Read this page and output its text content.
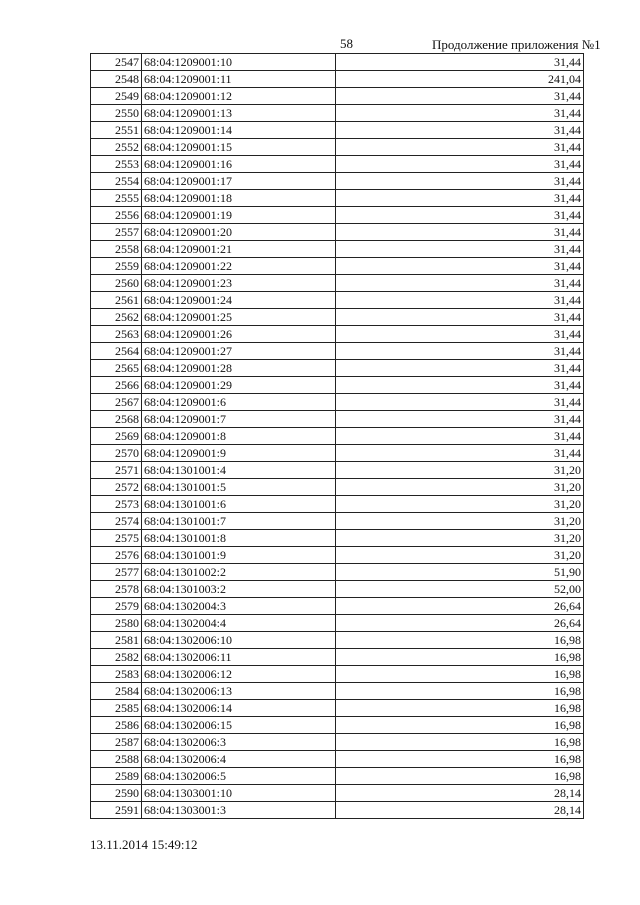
58	Продолжение приложения №1
2547	68:04:1209001:10	31,44
2548	68:04:1209001:11	241,04
2549	68:04:1209001:12	31,44
2550	68:04:1209001:13	31,44
2551	68:04:1209001:14	31,44
2552	68:04:1209001:15	31,44
2553	68:04:1209001:16	31,44
2554	68:04:1209001:17	31,44
2555	68:04:1209001:18	31,44
2556	68:04:1209001:19	31,44
2557	68:04:1209001:20	31,44
2558	68:04:1209001:21	31,44
2559	68:04:1209001:22	31,44
2560	68:04:1209001:23	31,44
2561	68:04:1209001:24	31,44
2562	68:04:1209001:25	31,44
2563	68:04:1209001:26	31,44
2564	68:04:1209001:27	31,44
2565	68:04:1209001:28	31,44
2566	68:04:1209001:29	31,44
2567	68:04:1209001:6	31,44
2568	68:04:1209001:7	31,44
2569	68:04:1209001:8	31,44
2570	68:04:1209001:9	31,44
2571	68:04:1301001:4	31,20
2572	68:04:1301001:5	31,20
2573	68:04:1301001:6	31,20
2574	68:04:1301001:7	31,20
2575	68:04:1301001:8	31,20
2576	68:04:1301001:9	31,20
2577	68:04:1301002:2	51,90
2578	68:04:1301003:2	52,00
2579	68:04:1302004:3	26,64
2580	68:04:1302004:4	26,64
2581	68:04:1302006:10	16,98
2582	68:04:1302006:11	16,98
2583	68:04:1302006:12	16,98
2584	68:04:1302006:13	16,98
2585	68:04:1302006:14	16,98
2586	68:04:1302006:15	16,98
2587	68:04:1302006:3	16,98
2588	68:04:1302006:4	16,98
2589	68:04:1302006:5	16,98
2590	68:04:1303001:10	28,14
2591	68:04:1303001:3	28,14
13.11.2014 15:49:12
